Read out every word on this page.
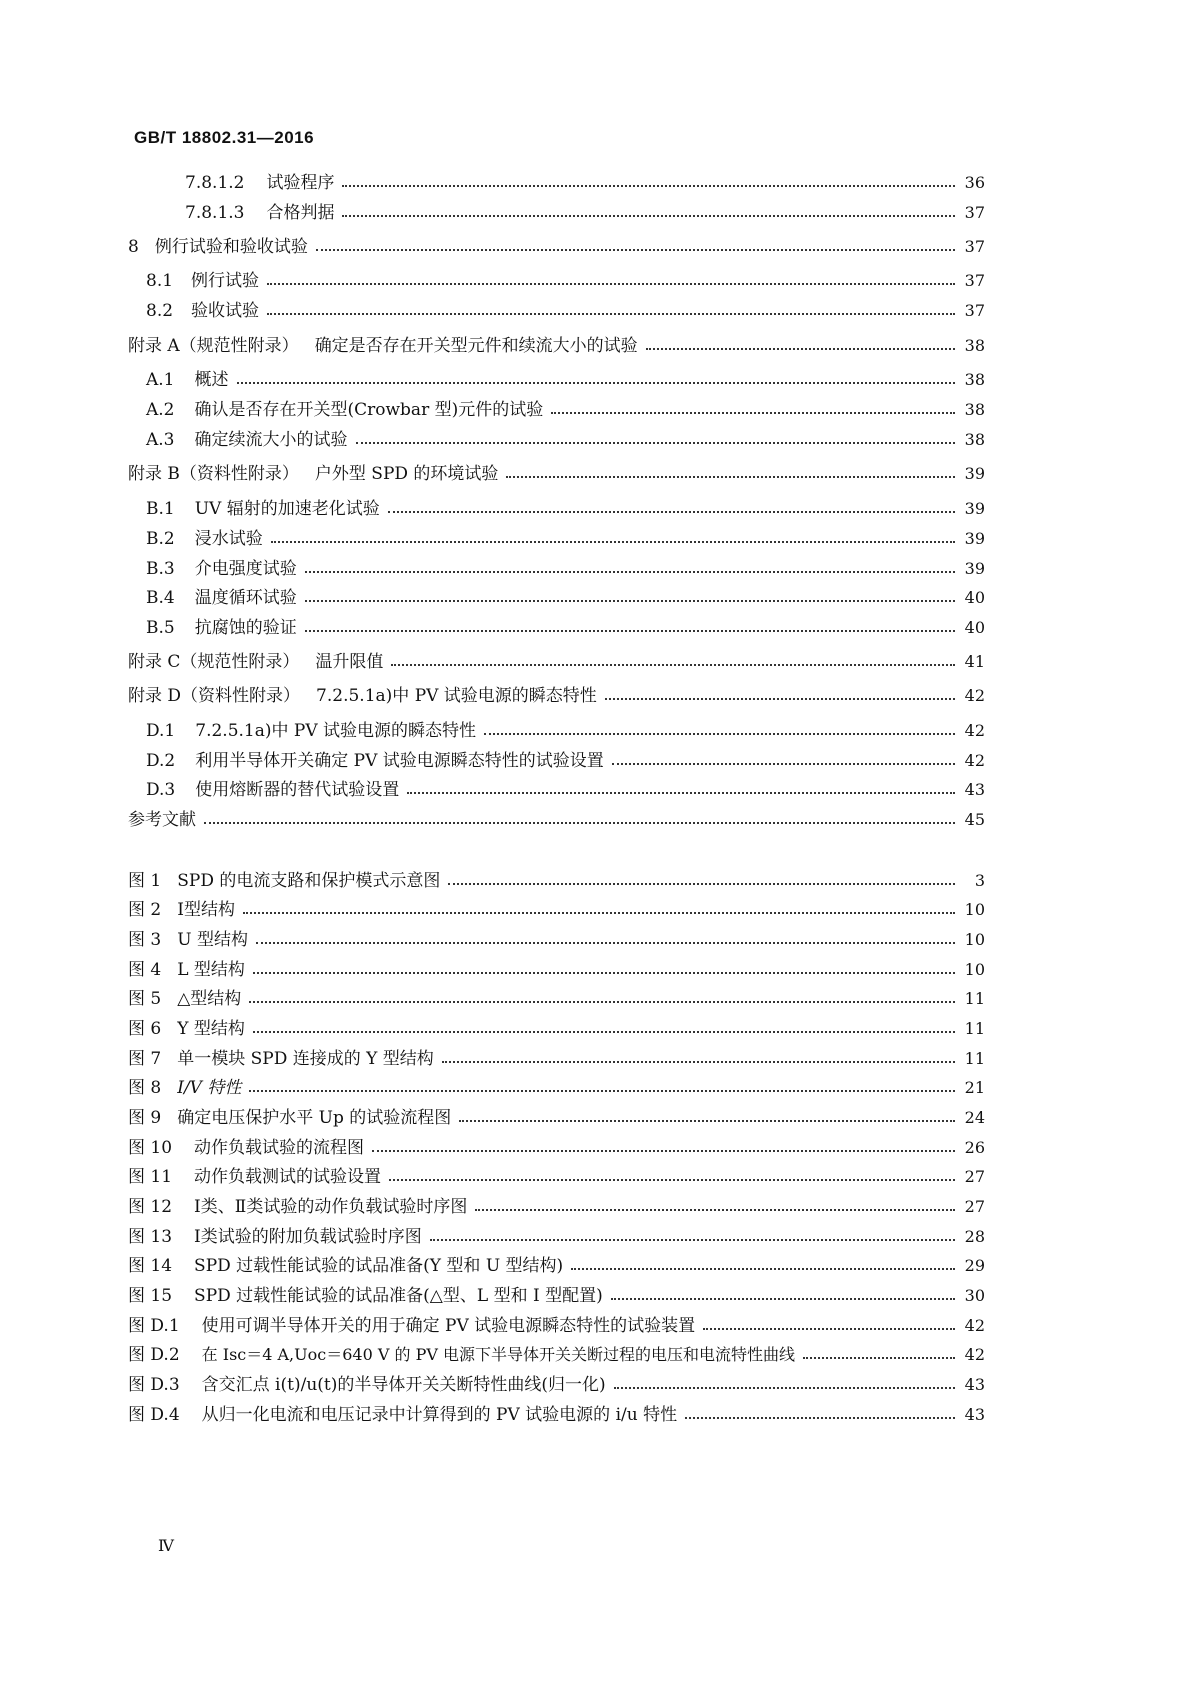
GB/T 18802.31—2016
7.8.1.2 试验程序	36
7.8.1.3 合格判据	37
8 例行试验和验收试验	37
8.1 例行试验	37
8.2 验收试验	37
附录 A（规范性附录） 确定是否存在开关型元件和续流大小的试验	38
A.1 概述	38
A.2 确认是否存在开关型(Crowbar 型)元件的试验	38
A.3 确定续流大小的试验	38
附录 B（资料性附录） 户外型 SPD 的环境试验	39
B.1 UV 辐射的加速老化试验	39
B.2 浸水试验	39
B.3 介电强度试验	39
B.4 温度循环试验	40
B.5 抗腐蚀的验证	40
附录 C（规范性附录） 温升限值	41
附录 D（资料性附录） 7.2.5.1a)中 PV 试验电源的瞬态特性	42
D.1 7.2.5.1a)中 PV 试验电源的瞬态特性	42
D.2 利用半导体开关确定 PV 试验电源瞬态特性的试验设置	42
D.3 使用熔断器的替代试验设置	43
参考文献	45
图 1 SPD 的电流支路和保护模式示意图	3
图 2 Ⅰ型结构	10
图 3 U 型结构	10
图 4 L 型结构	10
图 5 △型结构	11
图 6 Y 型结构	11
图 7 单一模块 SPD 连接成的 Y 型结构	11
图 8 I/V 特性	21
图 9 确定电压保护水平 Up 的试验流程图	24
图 10 动作负载试验的流程图	26
图 11 动作负载测试的试验设置	27
图 12 Ⅰ类、Ⅱ类试验的动作负载试验时序图	27
图 13 Ⅰ类试验的附加负载试验时序图	28
图 14 SPD 过载性能试验的试品准备(Y 型和 U 型结构)	29
图 15 SPD 过载性能试验的试品准备(△型、L 型和 I 型配置)	30
图 D.1 使用可调半导体开关的用于确定 PV 试验电源瞬态特性的试验装置	42
图 D.2 在 Isc＝4 A,Uoc＝640 V 的 PV 电源下半导体开关关断过程的电压和电流特性曲线	42
图 D.3 含交汇点 i(t)/u(t)的半导体开关关断特性曲线(归一化)	43
图 D.4 从归一化电流和电压记录中计算得到的 PV 试验电源的 i/u 特性	43
Ⅳ
